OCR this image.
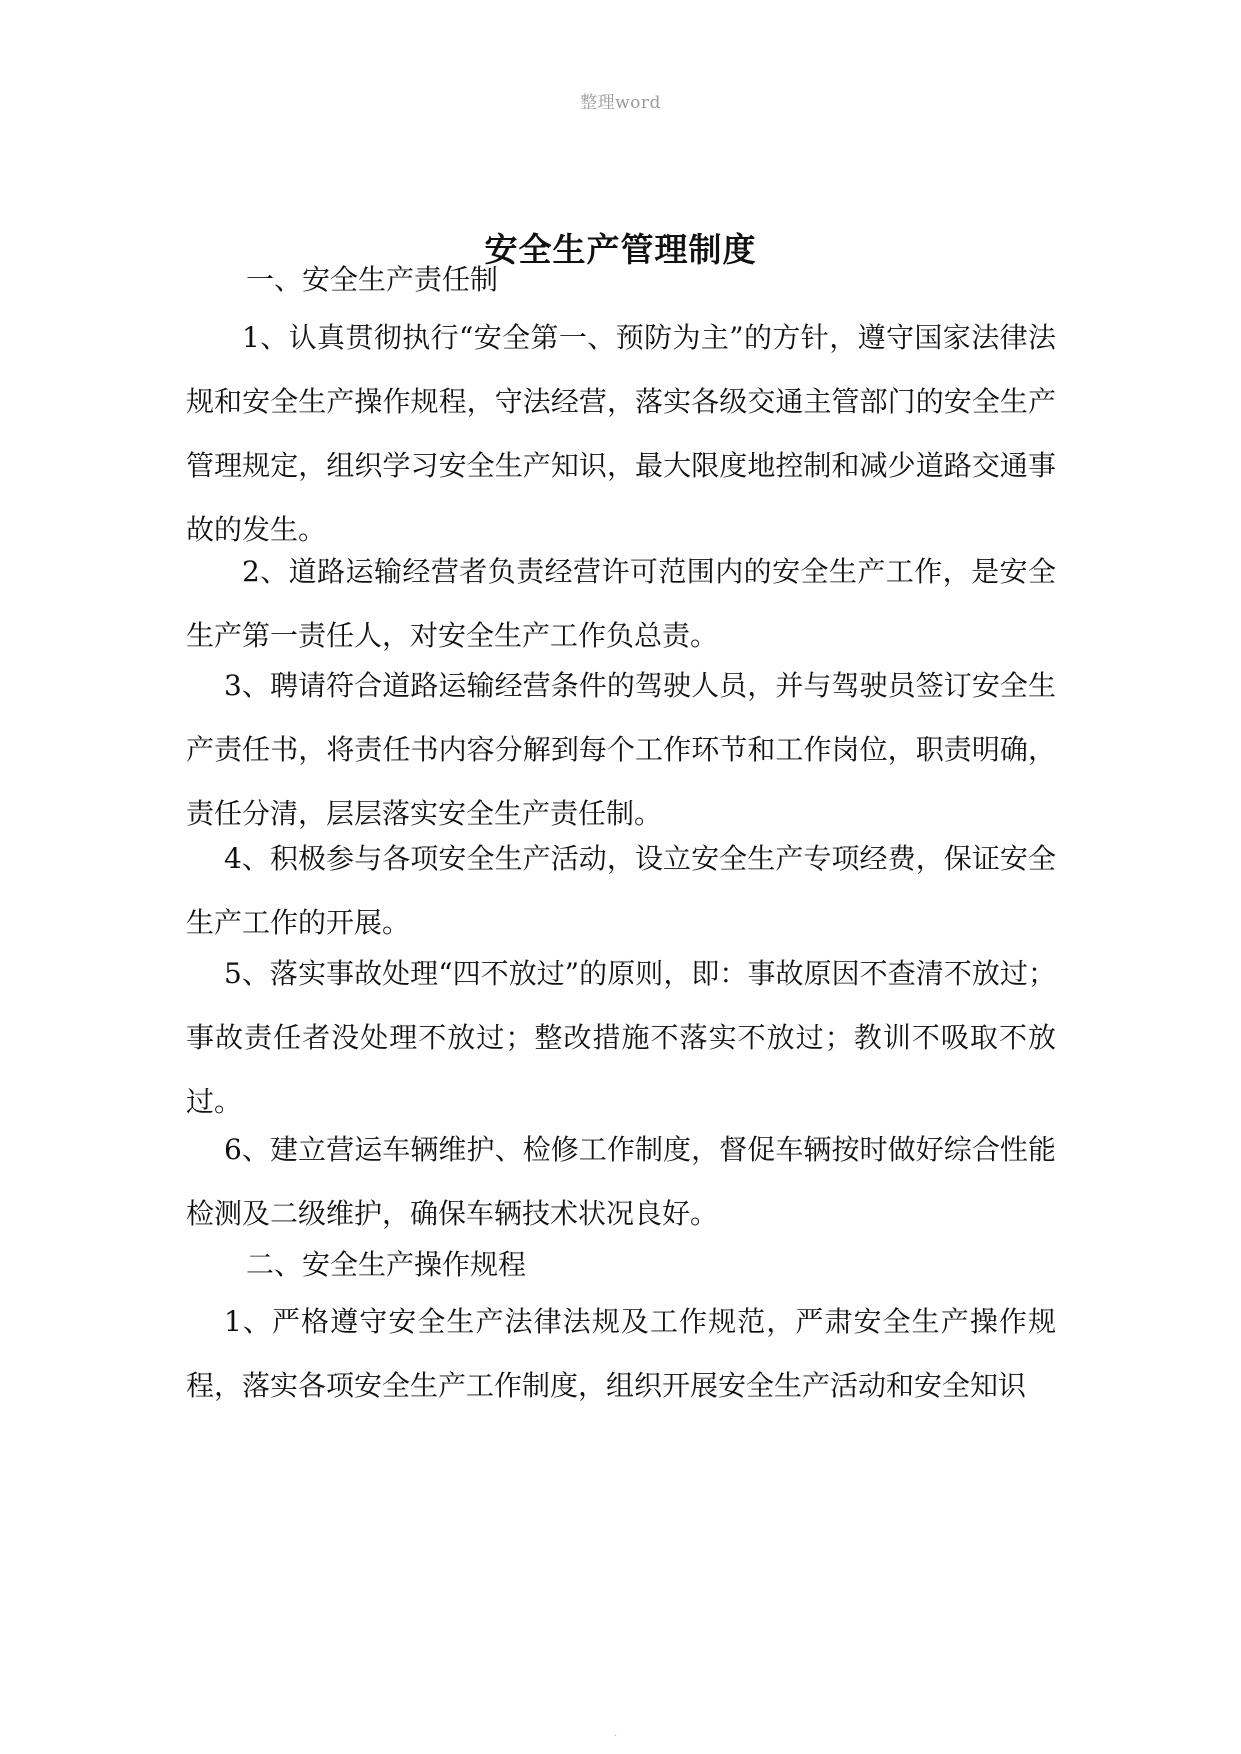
整理word
安全生产管理制度
一、安全生产责任制

1、认真贯彻执行“安全第一、预防为主”的方针，遵守国家法律法规和安全生产操作规程，守法经营，落实各级交通主管部门的安全生产管理规定，组织学习安全生产知识，最大限度地控制和减少道路交通事故的发生。

2、道路运输经营者负责经营许可范围内的安全生产工作，是安全生产第一责任人，对安全生产工作负总责。

3、聘请符合道路运输经营条件的驾驶人员，并与驾驶员签订安全生产责任书，将责任书内容分解到每个工作环节和工作岗位，职责明确，责任分清，层层落实安全生产责任制。

4、积极参与各项安全生产活动，设立安全生产专项经费，保证安全生产工作的开展。

5、落实事故处理“四不放过”的原则，即：事故原因不查清不放过；事故责任者没处理不放过；整改措施不落实不放过；教训不吸取不放过。

6、建立营运车辆维护、检修工作制度，督促车辆按时做好综合性能检测及二级维护，确保车辆技术状况良好。

二、安全生产操作规程

1、严格遵守安全生产法律法规及工作规范，严肃安全生产操作规程，落实各项安全生产工作制度，组织开展安全生产活动和安全知识

.
